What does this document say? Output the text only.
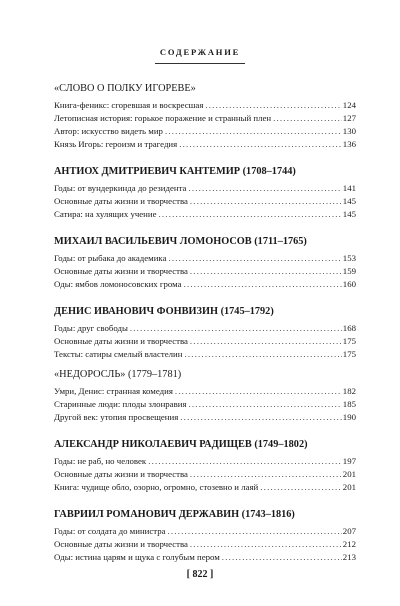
СОДЕРЖАНИЕ
«СЛОВО О ПОЛКУ ИГОРЕВЕ»
Книга-феникс: сгоревшая и воскресшая . . .	124
Летописная история: горькое поражение и странный плен . . .	127
Автор: искусство видеть мир . . .	130
Князь Игорь: героизм и трагедия . . .	136
АНТИОХ ДМИТРИЕВИЧ КАНТЕМИР (1708–1744)
Годы: от вундеркинда до резидента . . .	141
Основные даты жизни и творчества . . .	145
Сатира: на хулящих учение . . .	145
МИХАИЛ ВАСИЛЬЕВИЧ ЛОМОНОСОВ (1711–1765)
Годы: от рыбака до академика . . .	153
Основные даты жизни и творчества . . .	159
Оды: ямбов ломоносовских грома . . .	160
ДЕНИС ИВАНОВИЧ ФОНВИЗИН (1745–1792)
Годы: друг свободы . . .	168
Основные даты жизни и творчества . . .	175
Тексты: сатиры смелый властелин . . .	175
«НЕДОРОСЛЬ» (1779–1781)
Умри, Денис: странная комедия . . .	182
Старинные люди: плоды злонравия . . .	185
Другой век: утопия просвещения . . .	190
АЛЕКСАНДР НИКОЛАЕВИЧ РАДИЩЕВ (1749–1802)
Годы: не раб, но человек . . .	197
Основные даты жизни и творчества . . .	201
Книга: чудище обло, озорно, огромно, стозевно и лаяй . . .	201
ГАВРИИЛ РОМАНОВИЧ ДЕРЖАВИН (1743–1816)
Годы: от солдата до министра . . .	207
Основные даты жизни и творчества . . .	212
Оды: истина царям и щука с голубым пером . . .	213
[ 822 ]
